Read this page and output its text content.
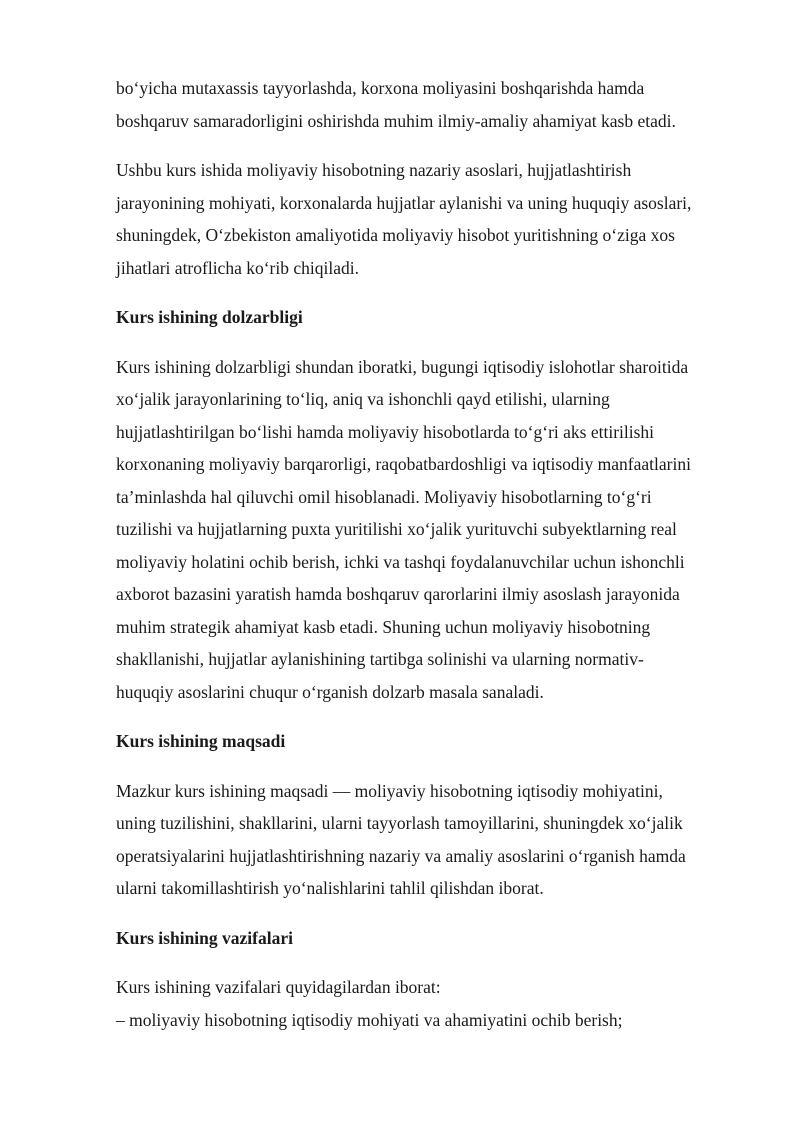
boʻyicha mutaxassis tayyorlashda, korxona moliyasini boshqarishda hamda
boshqaruv samaradorligini oshirishda muhim ilmiy-amaliy ahamiyat kasb etadi.

Ushbu kurs ishida moliyaviy hisobotning nazariy asoslari, hujjatlashtirish
jarayonining mohiyati, korxonalarda hujjatlar aylanishi va uning huquqiy asoslari,
shuningdek, Oʻzbekiston amaliyotida moliyaviy hisobot yuritishning oʻziga xos
jihatlari atroflicha koʻrib chiqiladi.

Kurs ishining dolzarbligi

Kurs ishining dolzarbligi shundan iboratki, bugungi iqtisodiy islohotlar sharoitida
xoʻjalik jarayonlarining toʻliq, aniq va ishonchli qayd etilishi, ularning
hujjatlashtirilgan boʻlishi hamda moliyaviy hisobotlarda toʻgʻri aks ettirilishi
korxonaning moliyaviy barqarorligi, raqobatbardoshligi va iqtisodiy manfaatlarini
ta’minlashda hal qiluvchi omil hisoblanadi. Moliyaviy hisobotlarning toʻgʻri
tuzilishi va hujjatlarning puxta yuritilishi xoʻjalik yurituvchi subyektlarning real
moliyaviy holatini ochib berish, ichki va tashqi foydalanuvchilar uchun ishonchli
axborot bazasini yaratish hamda boshqaruv qarorlarini ilmiy asoslash jarayonida
muhim strategik ahamiyat kasb etadi. Shuning uchun moliyaviy hisobotning
shakllanishi, hujjatlar aylanishining tartibga solinishi va ularning normativ-
huquqiy asoslarini chuqur oʻrganish dolzarb masala sanaladi.

Kurs ishining maqsadi

Mazkur kurs ishining maqsadi — moliyaviy hisobotning iqtisodiy mohiyatini,
uning tuzilishini, shakllarini, ularni tayyorlash tamoyillarini, shuningdek xoʻjalik
operatsiyalarini hujjatlashtirishning nazariy va amaliy asoslarini oʻrganish hamda
ularni takomillashtirish yoʻnalishlarini tahlil qilishdan iborat.

Kurs ishining vazifalari

Kurs ishining vazifalari quyidagilardan iborat:
– moliyaviy hisobotning iqtisodiy mohiyati va ahamiyatini ochib berish;
